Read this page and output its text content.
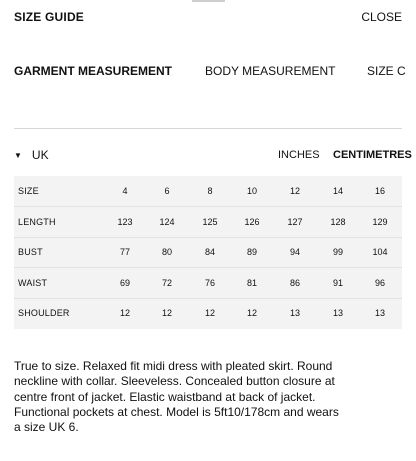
SIZE GUIDE	CLOSE
GARMENT MEASUREMENT	BODY MEASUREMENT	SIZE C
▼ UK	INCHES CENTIMETRES
SIZE	4	6	8	10	12	14	16
LENGTH	123	124	125	126	127	128	129
BUST	77	80	84	89	94	99	104
WAIST	69	72	76	81	86	91	96
SHOULDER	12	12	12	12	13	13	13

True to size. Relaxed fit midi dress with pleated skirt. Round neckline with collar. Sleeveless. Concealed button closure at centre front of jacket. Elastic waistband at back of jacket. Functional pockets at chest. Model is 5ft10/178cm and wears a size UK 6.
